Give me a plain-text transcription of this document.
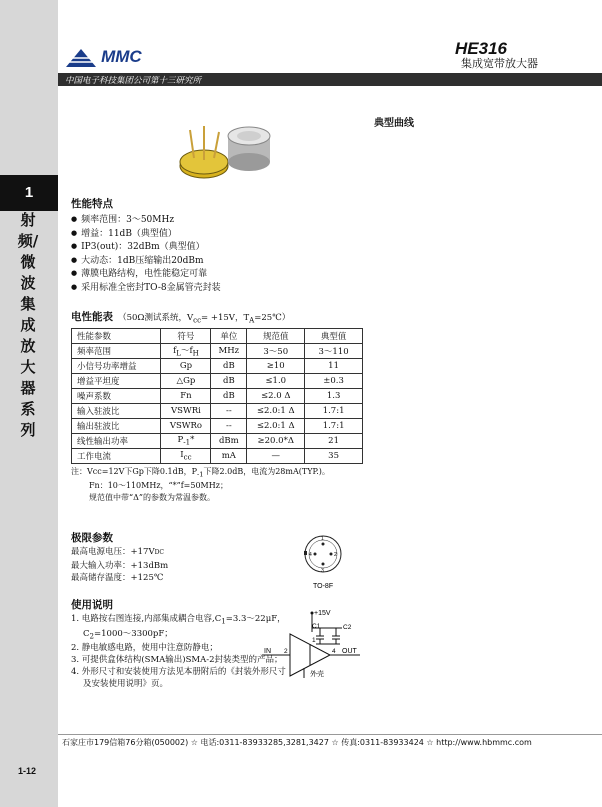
1
射频/微波集成放大器系列
1-12
MMC
中国电子科技集团公司第十三研究所
HE316
集成宽带放大器
性能特点
● 频率范围：3～50MHz
● 增益：11dB（典型值）
● IP3(out)：32dBm（典型值）
● 大动态：1dB压缩输出20dBm
● 薄膜电路结构，电性能稳定可靠
● 采用标准全密封TO-8金属管壳封装
电性能表 （50Ω测试系统，$V_{cc}= +15V$，$T_A=25℃$）
性能参数	符号	单位	规范值	典型值
频率范围	$f_L\sim f_H$	MHz	3～50	3～110
小信号功率增益	Gp	dB	≥10	11
增益平坦度	△Gp	dB	≤1.0	±0.3
噪声系数	Fn	dB	≤2.0 Δ	1.3
输入驻波比	VSWRi	--	≤2.0:1 Δ	1.7:1
输出驻波比	VSWRo	--	≤2.0:1 Δ	1.7:1
线性输出功率	$P_{-1}*$	dBm	≥20.0*Δ	21
工作电流	$I_{cc}$	mA	—	35
注：Vcc=12V下Gp下降0.1dB，$P_{-1}$下降2.0dB，电流为28mA(TYP.)。
Fn：10～110MHz，“*”f=50MHz；
规范值中带“Δ”的参数为常温参数。
极限参数
最高电源电压：+17VDC
最大输入功率：+13dBm
最高储存温度：+125℃
1
4	2
3
TO-8F
使用说明
1. 电路按右图连接,内部集成耦合电容$,C_1=3.3\sim 22\mu F$，$C_2=1000\sim 3300pF$；
2. 静电敏感电路，使用中注意防静电；
3. 可提供盒体结构(SMA输出)SMA-2封装类型的产品；
4. 外形尺寸和安装使用方法见本册附后的《封装外形尺寸及安装使用说明》页。
+15V
C1	C2
1
IN 2	4 OUT
外壳
典型曲线
石家庄市179信箱76分箱(050002) ☆ 电话:0311-83933285,3281,3427 ☆ 传真:0311-83933424 ☆ http://www.hbmmc.com
